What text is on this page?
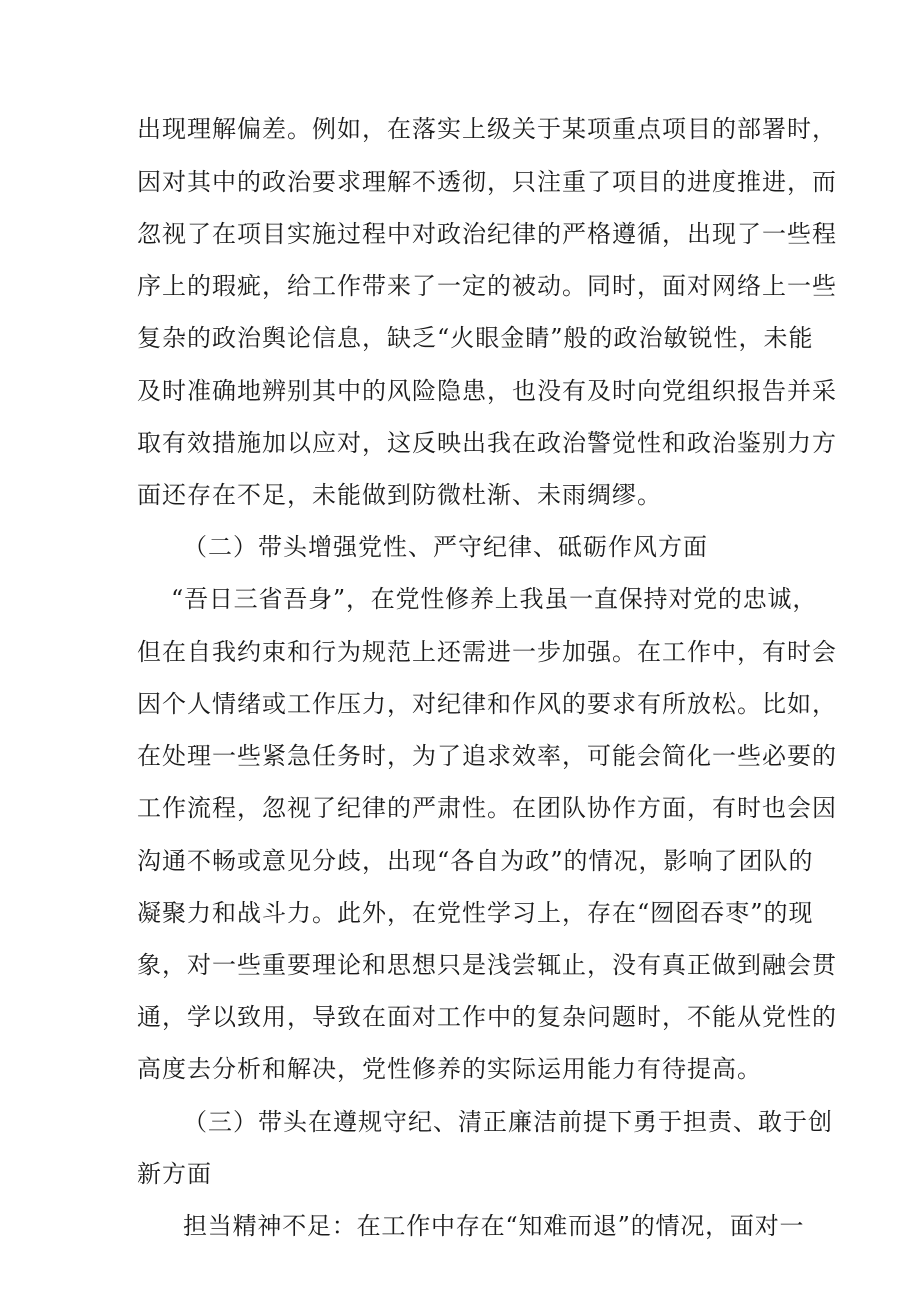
出现理解偏差。例如，在落实上级关于某项重点项目的部署时，
因对其中的政治要求理解不透彻，只注重了项目的进度推进，而
忽视了在项目实施过程中对政治纪律的严格遵循，出现了一些程
序上的瑕疵，给工作带来了一定的被动。同时，面对网络上一些
复杂的政治舆论信息，缺乏“火眼金睛”般的政治敏锐性，未能
及时准确地辨别其中的风险隐患，也没有及时向党组织报告并采
取有效措施加以应对，这反映出我在政治警觉性和政治鉴别力方
面还存在不足，未能做到防微杜渐、未雨绸缪。
（二）带头增强党性、严守纪律、砥砺作风方面
“吾日三省吾身”，在党性修养上我虽一直保持对党的忠诚，
但在自我约束和行为规范上还需进一步加强。在工作中，有时会
因个人情绪或工作压力，对纪律和作风的要求有所放松。比如，
在处理一些紧急任务时，为了追求效率，可能会简化一些必要的
工作流程，忽视了纪律的严肃性。在团队协作方面，有时也会因
沟通不畅或意见分歧，出现“各自为政”的情况，影响了团队的
凝聚力和战斗力。此外，在党性学习上，存在“囫囵吞枣”的现
象，对一些重要理论和思想只是浅尝辄止，没有真正做到融会贯
通，学以致用，导致在面对工作中的复杂问题时，不能从党性的
高度去分析和解决，党性修养的实际运用能力有待提高。
（三）带头在遵规守纪、清正廉洁前提下勇于担责、敢于创
新方面
担当精神不足：在工作中存在“知难而退”的情况，面对一
